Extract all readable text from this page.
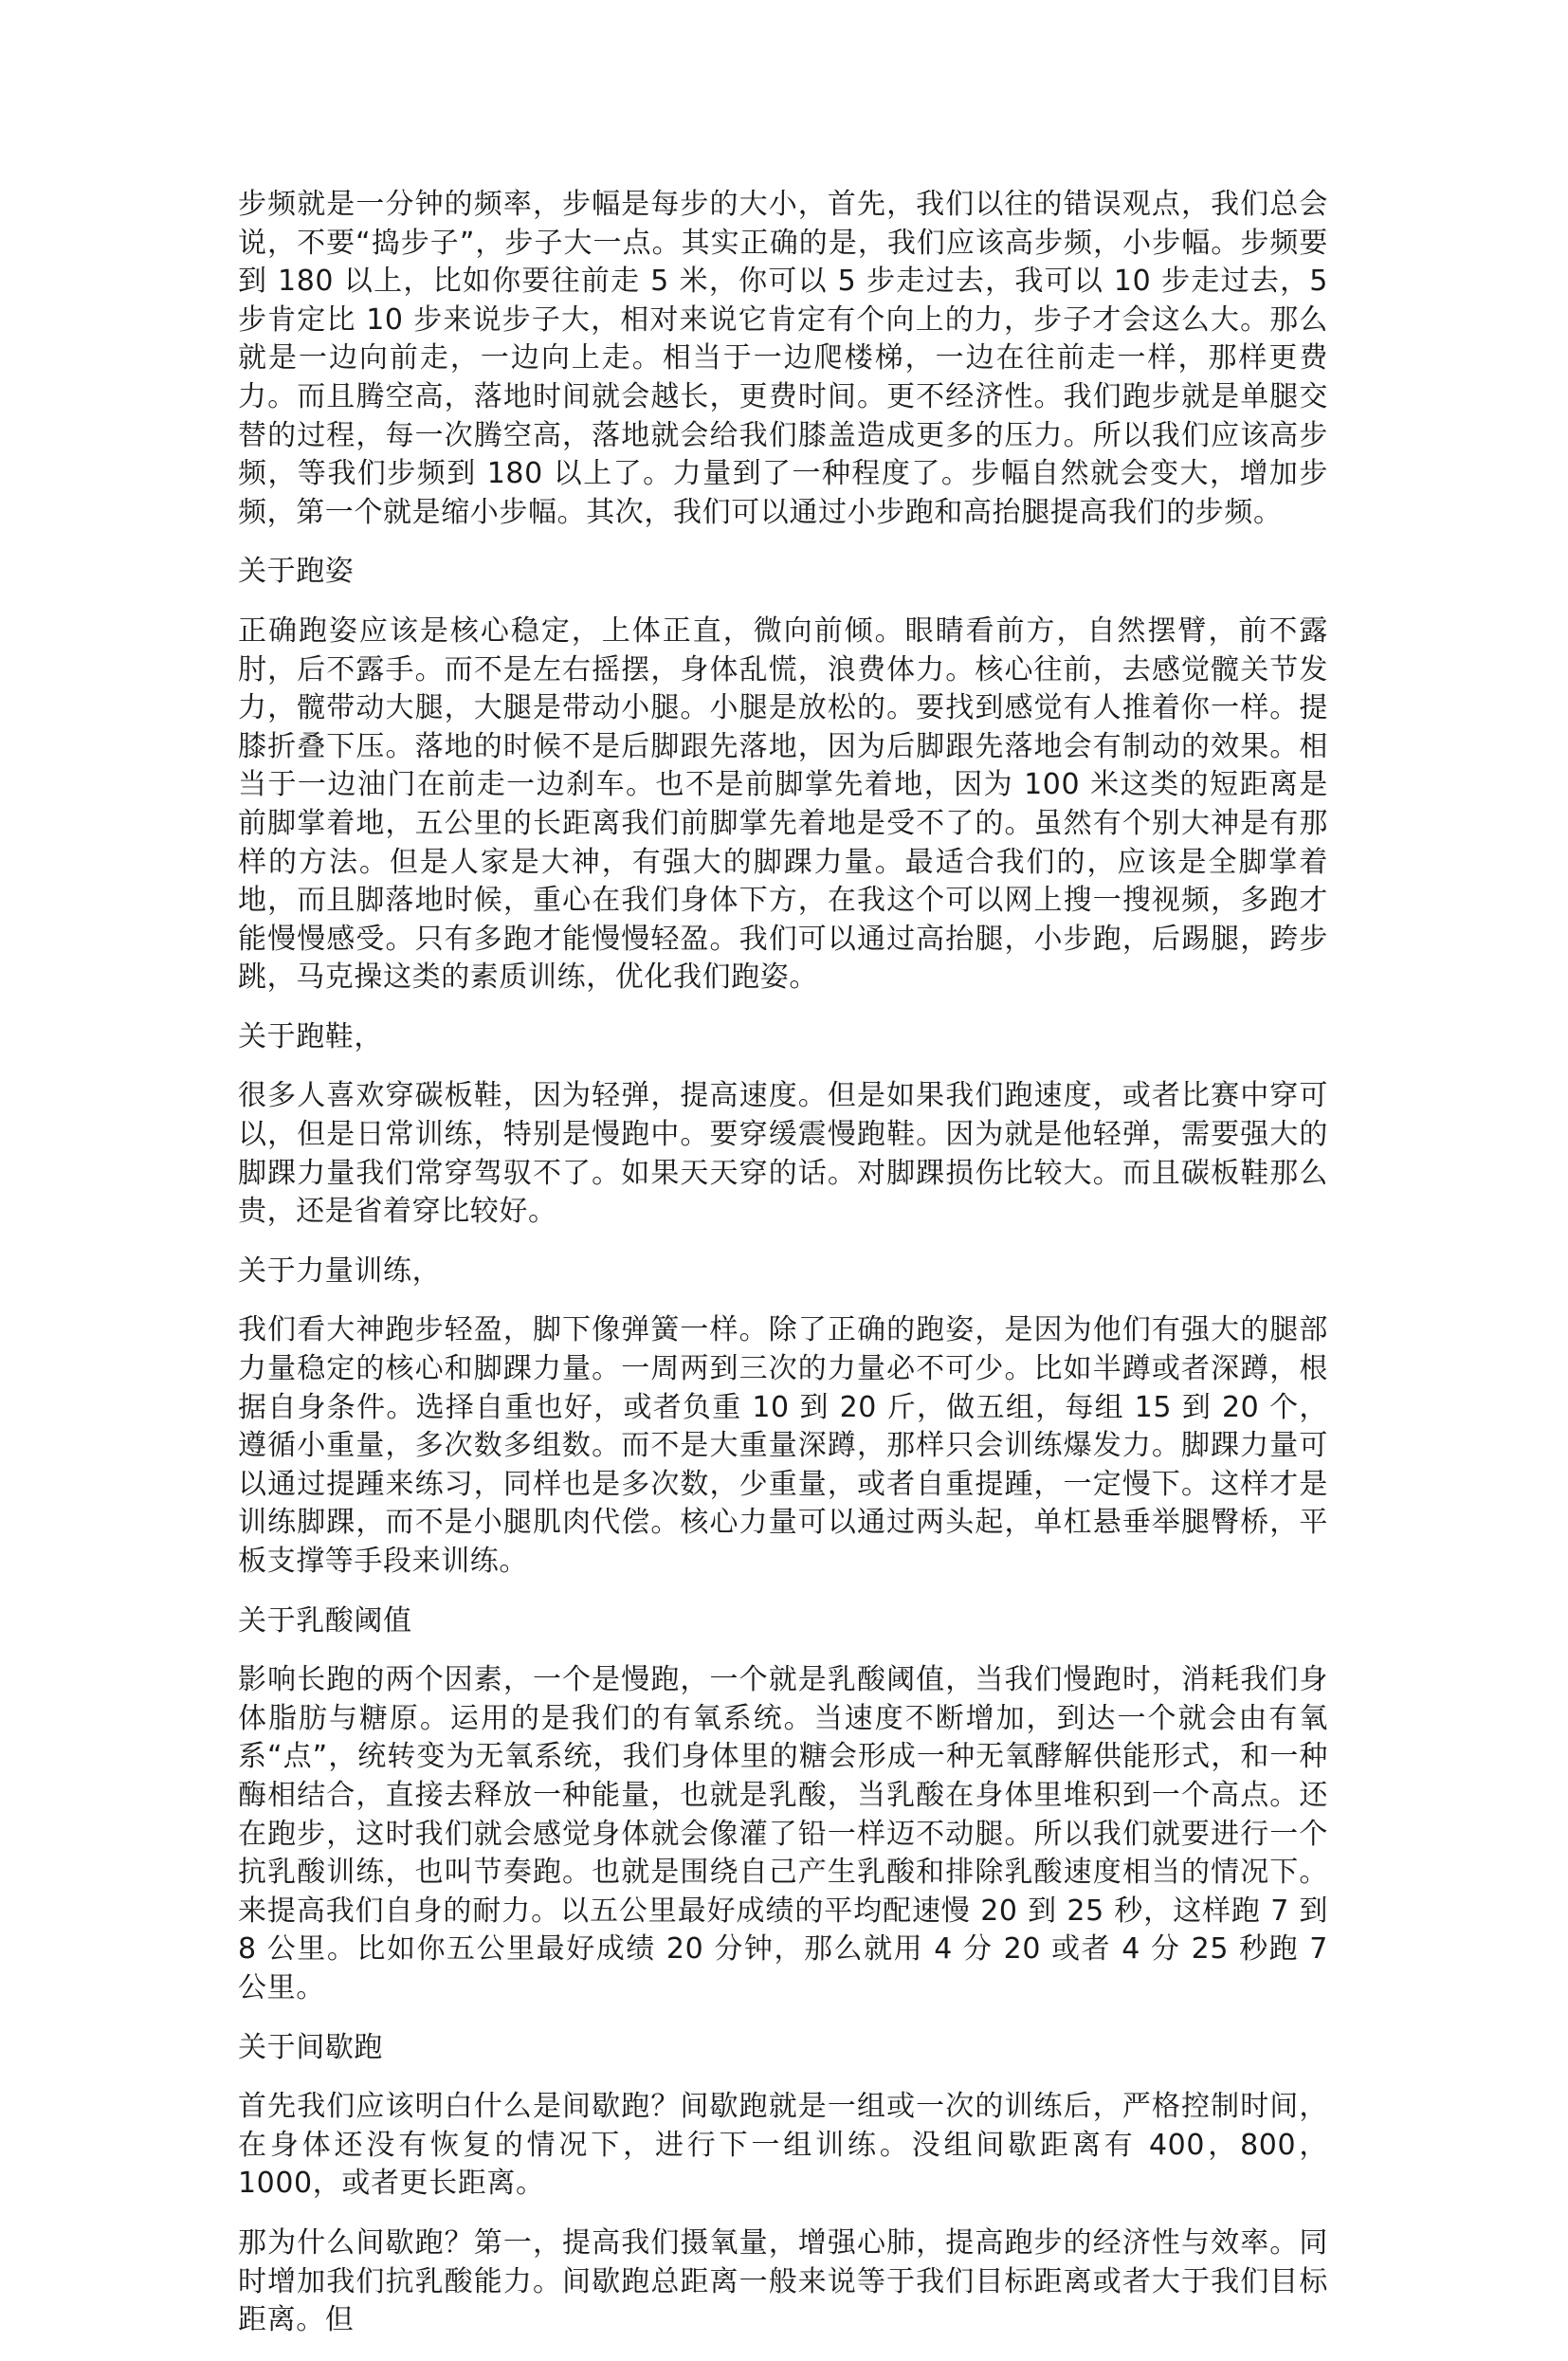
步频就是一分钟的频率，步幅是每步的大小，首先，我们以往的错误观点，我们总会说，不要“捣步子”，步子大一点。其实正确的是，我们应该高步频，小步幅。步频要到 180 以上，比如你要往前走 5 米，你可以 5 步走过去，我可以 10 步走过去，5 步肯定比 10 步来说步子大，相对来说它肯定有个向上的力，步子才会这么大。那么就是一边向前走，一边向上走。相当于一边爬楼梯，一边在往前走一样，那样更费力。而且腾空高，落地时间就会越长，更费时间。更不经济性。我们跑步就是单腿交替的过程，每一次腾空高，落地就会给我们膝盖造成更多的压力。所以我们应该高步频，等我们步频到 180 以上了。力量到了一种程度了。步幅自然就会变大，增加步频，第一个就是缩小步幅。其次，我们可以通过小步跑和高抬腿提高我们的步频。

关于跑姿

正确跑姿应该是核心稳定，上体正直，微向前倾。眼睛看前方，自然摆臂，前不露肘，后不露手。而不是左右摇摆，身体乱慌，浪费体力。核心往前，去感觉髋关节发力，髋带动大腿，大腿是带动小腿。小腿是放松的。要找到感觉有人推着你一样。提膝折叠下压。落地的时候不是后脚跟先落地，因为后脚跟先落地会有制动的效果。相当于一边油门在前走一边刹车。也不是前脚掌先着地，因为 100 米这类的短距离是前脚掌着地，五公里的长距离我们前脚掌先着地是受不了的。虽然有个别大神是有那样的方法。但是人家是大神，有强大的脚踝力量。最适合我们的，应该是全脚掌着地，而且脚落地时候，重心在我们身体下方，在我这个可以网上搜一搜视频，多跑才能慢慢感受。只有多跑才能慢慢轻盈。我们可以通过高抬腿，小步跑，后踢腿，跨步跳，马克操这类的素质训练，优化我们跑姿。

关于跑鞋，

很多人喜欢穿碳板鞋，因为轻弹，提高速度。但是如果我们跑速度，或者比赛中穿可以，但是日常训练，特别是慢跑中。要穿缓震慢跑鞋。因为就是他轻弹，需要强大的脚踝力量我们常穿驾驭不了。如果天天穿的话。对脚踝损伤比较大。而且碳板鞋那么贵，还是省着穿比较好。

关于力量训练，

我们看大神跑步轻盈，脚下像弹簧一样。除了正确的跑姿，是因为他们有强大的腿部力量稳定的核心和脚踝力量。一周两到三次的力量必不可少。比如半蹲或者深蹲，根据自身条件。选择自重也好，或者负重 10 到 20 斤，做五组，每组 15 到 20 个，遵循小重量，多次数多组数。而不是大重量深蹲，那样只会训练爆发力。脚踝力量可以通过提踵来练习，同样也是多次数，少重量，或者自重提踵，一定慢下。这样才是训练脚踝，而不是小腿肌肉代偿。核心力量可以通过两头起，单杠悬垂举腿臀桥，平板支撑等手段来训练。

关于乳酸阈值

影响长跑的两个因素，一个是慢跑，一个就是乳酸阈值，当我们慢跑时，消耗我们身体脂肪与糖原。运用的是我们的有氧系统。当速度不断增加，到达一个就会由有氧系“点”，统转变为无氧系统，我们身体里的糖会形成一种无氧酵解供能形式，和一种酶相结合，直接去释放一种能量，也就是乳酸，当乳酸在身体里堆积到一个高点。还在跑步，这时我们就会感觉身体就会像灌了铅一样迈不动腿。所以我们就要进行一个抗乳酸训练，也叫节奏跑。也就是围绕自己产生乳酸和排除乳酸速度相当的情况下。来提高我们自身的耐力。以五公里最好成绩的平均配速慢 20 到 25 秒，这样跑 7 到 8 公里。比如你五公里最好成绩 20 分钟，那么就用 4 分 20 或者 4 分 25 秒跑 7 公里。

关于间歇跑

首先我们应该明白什么是间歇跑？间歇跑就是一组或一次的训练后，严格控制时间，在身体还没有恢复的情况下，进行下一组训练。没组间歇距离有 400，800，1000，或者更长距离。

那为什么间歇跑？第一，提高我们摄氧量，增强心肺，提高跑步的经济性与效率。同时增加我们抗乳酸能力。间歇跑总距离一般来说等于我们目标距离或者大于我们目标距离。但
